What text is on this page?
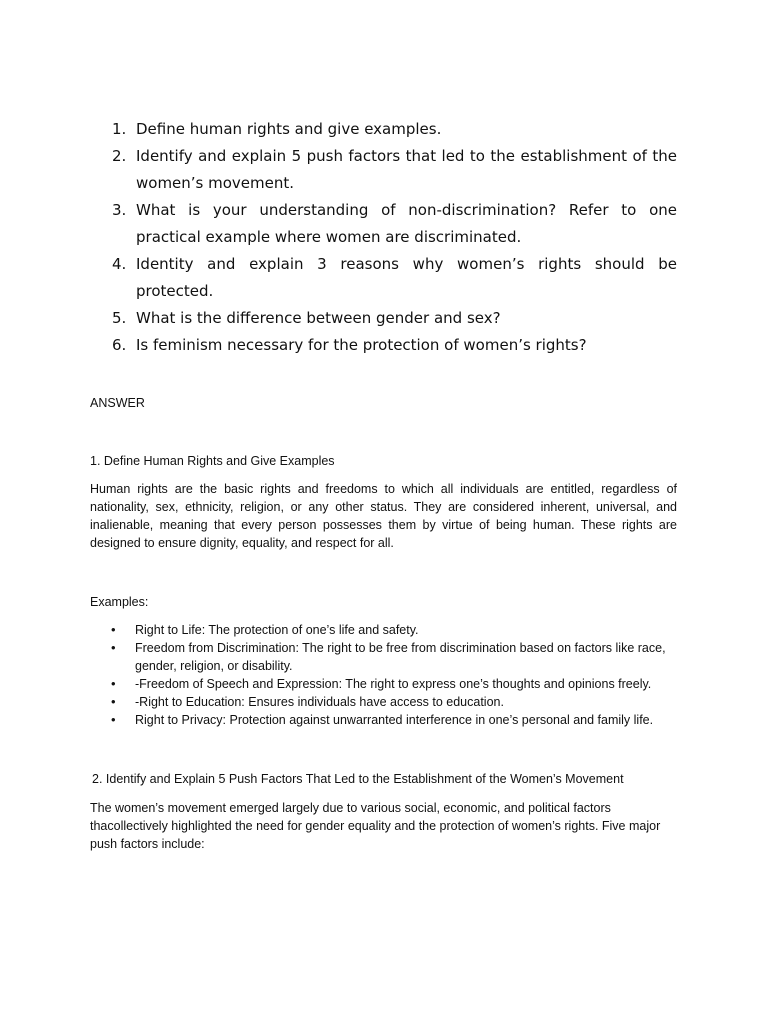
1. Define human rights and give examples.
2. Identify and explain 5 push factors that led to the establishment of the women’s movement.
3. What is your understanding of non-discrimination? Refer to one practical example where women are discriminated.
4. Identity and explain 3 reasons why women’s rights should be protected.
5. What is the difference between gender and sex?
6. Is feminism necessary for the protection of women’s rights?
ANSWER
1. Define Human Rights and Give Examples

Human rights are the basic rights and freedoms to which all individuals are entitled, regardless of nationality, sex, ethnicity, religion, or any other status. They are considered inherent, universal, and inalienable, meaning that every person possesses them by virtue of being human. These rights are designed to ensure dignity, equality, and respect for all.

Examples:
• Right to Life: The protection of one’s life and safety.
• Freedom from Discrimination: The right to be free from discrimination based on factors like race, gender, religion, or disability.
• -Freedom of Speech and Expression: The right to express one’s thoughts and opinions freely.
• -Right to Education: Ensures individuals have access to education.
• Right to Privacy: Protection against unwarranted interference in one’s personal and family life.
2. Identify and Explain 5 Push Factors That Led to the Establishment of the Women’s Movement

The women’s movement emerged largely due to various social, economic, and political factors thacollectively highlighted the need for gender equality and the protection of women’s rights. Five major push factors include:
